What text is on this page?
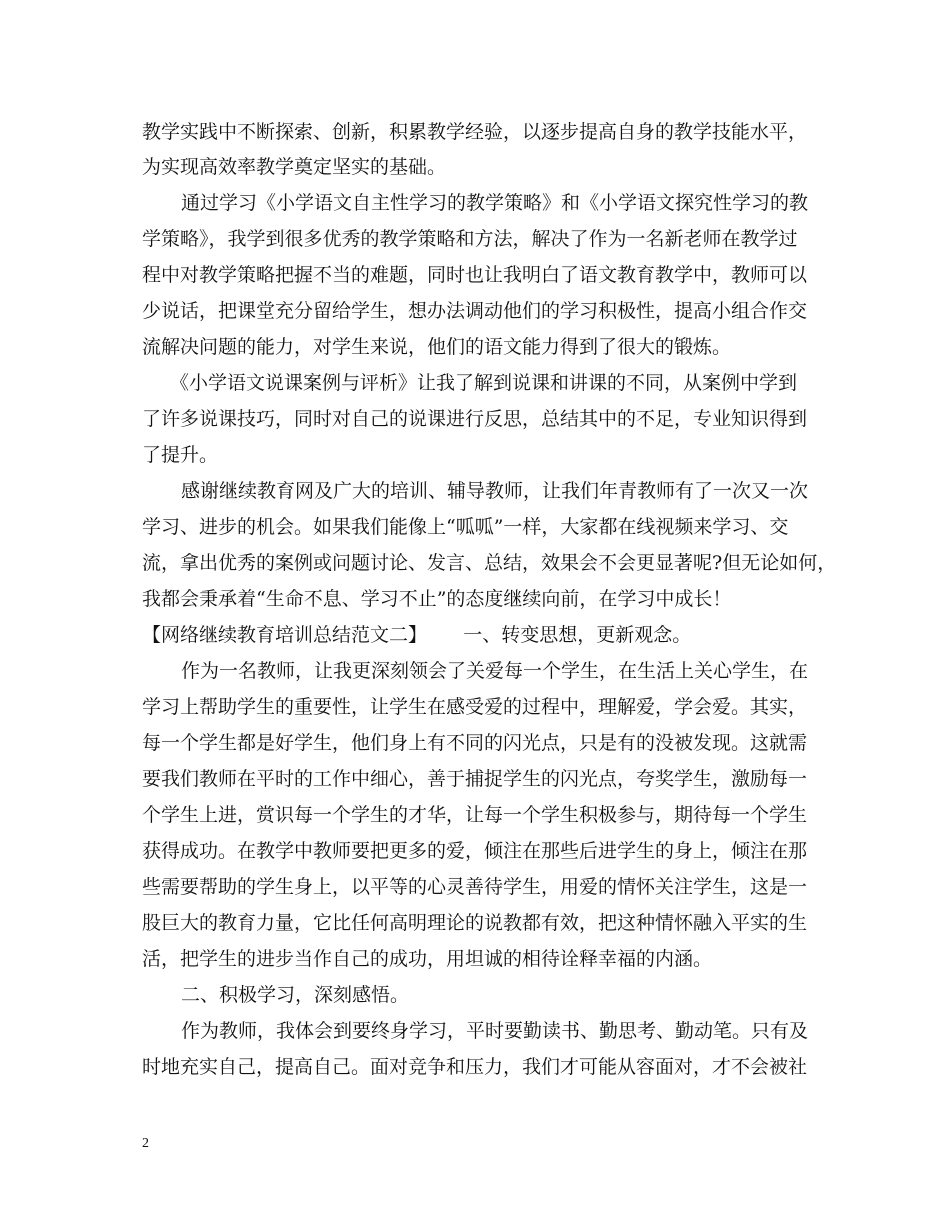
教学实践中不断探索、创新，积累教学经验，以逐步提高自身的教学技能水平，
为实现高效率教学奠定坚实的基础。
通过学习《小学语文自主性学习的教学策略》和《小学语文探究性学习的教
学策略》，我学到很多优秀的教学策略和方法，解决了作为一名新老师在教学过
程中对教学策略把握不当的难题，同时也让我明白了语文教育教学中，教师可以
少说话，把课堂充分留给学生，想办法调动他们的学习积极性，提高小组合作交
流解决问题的能力，对学生来说，他们的语文能力得到了很大的锻炼。
《小学语文说课案例与评析》让我了解到说课和讲课的不同，从案例中学到
了许多说课技巧，同时对自己的说课进行反思，总结其中的不足，专业知识得到
了提升。
感谢继续教育网及广大的培训、辅导教师，让我们年青教师有了一次又一次
学习、进步的机会。如果我们能像上“呱呱”一样，大家都在线视频来学习、交
流，拿出优秀的案例或问题讨论、发言、总结，效果会不会更显著呢?但无论如何，
我都会秉承着“生命不息、学习不止”的态度继续向前，在学习中成长！
【网络继续教育培训总结范文二】      一、转变思想，更新观念。
作为一名教师，让我更深刻领会了关爱每一个学生，在生活上关心学生，在
学习上帮助学生的重要性，让学生在感受爱的过程中，理解爱，学会爱。其实，
每一个学生都是好学生，他们身上有不同的闪光点，只是有的没被发现。这就需
要我们教师在平时的工作中细心，善于捕捉学生的闪光点，夸奖学生，激励每一
个学生上进，赏识每一个学生的才华，让每一个学生积极参与，期待每一个学生
获得成功。在教学中教师要把更多的爱，倾注在那些后进学生的身上，倾注在那
些需要帮助的学生身上，以平等的心灵善待学生，用爱的情怀关注学生，这是一
股巨大的教育力量，它比任何高明理论的说教都有效，把这种情怀融入平实的生
活，把学生的进步当作自己的成功，用坦诚的相待诠释幸福的内涵。
二、积极学习，深刻感悟。
作为教师，我体会到要终身学习，平时要勤读书、勤思考、勤动笔。只有及
时地充实自己，提高自己。面对竞争和压力，我们才可能从容面对，才不会被社
2
